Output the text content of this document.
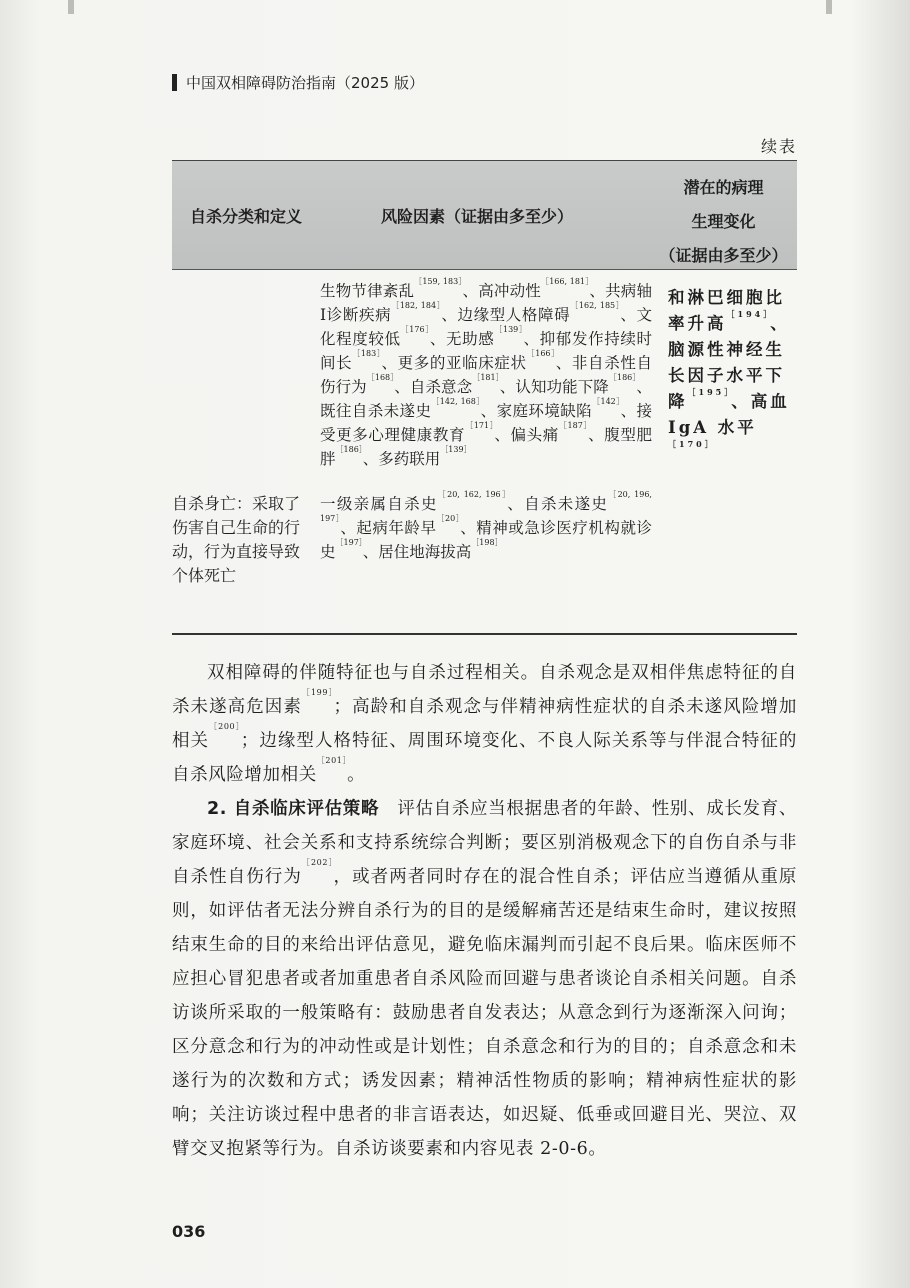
中国双相障碍防治指南（2025 版）
续表
自杀分类和定义	风险因素（证据由多至少）
潜在的病理
生理变化
（证据由多至少）
生物节律紊乱$^{[159, 183]}$、高冲动性$^{[166, 181]}$、共病轴Ⅰ诊断疾病$^{[182, 184]}$、边缘型人格障碍$^{[162, 185]}$、文化程度较低$^{[176]}$、无助感$^{[139]}$、抑郁发作持续时间长$^{[183]}$、更多的亚临床症状$^{[166]}$、非自杀性自伤行为$^{[168]}$、自杀意念$^{[181]}$、认知功能下降$^{[186]}$、既往自杀未遂史$^{[142, 168]}$、家庭环境缺陷$^{[142]}$、接受更多心理健康教育$^{[171]}$、偏头痛$^{[187]}$、腹型肥胖$^{[186]}$、多药联用$^{[139]}$
和淋巴细胞比率升高$^{[194]}$、脑源性神经生长因子水平下降$^{[195]}$、高血 IgA 水平$^{[170]}$
自杀身亡：采取了伤害自己生命的行动，行为直接导致个体死亡
一级亲属自杀史$^{[20, 162, 196]}$、自杀未遂史$^{[20, 196, 197]}$、起病年龄早$^{[20]}$、精神或急诊医疗机构就诊史$^{[197]}$、居住地海拔高$^{[198]}$

双相障碍的伴随特征也与自杀过程相关。自杀观念是双相伴焦虑特征的自杀未遂高危因素$^{[199]}$；高龄和自杀观念与伴精神病性症状的自杀未遂风险增加相关$^{[200]}$；边缘型人格特征、周围环境变化、不良人际关系等与伴混合特征的自杀风险增加相关$^{[201]}$。

2. 自杀临床评估策略　评估自杀应当根据患者的年龄、性别、成长发育、家庭环境、社会关系和支持系统综合判断；要区别消极观念下的自伤自杀与非自杀性自伤行为$^{[202]}$，或者两者同时存在的混合性自杀；评估应当遵循从重原则，如评估者无法分辨自杀行为的目的是缓解痛苦还是结束生命时，建议按照结束生命的目的来给出评估意见，避免临床漏判而引起不良后果。临床医师不应担心冒犯患者或者加重患者自杀风险而回避与患者谈论自杀相关问题。自杀访谈所采取的一般策略有：鼓励患者自发表达；从意念到行为逐渐深入问询；区分意念和行为的冲动性或是计划性；自杀意念和行为的目的；自杀意念和未遂行为的次数和方式；诱发因素；精神活性物质的影响；精神病性症状的影响；关注访谈过程中患者的非言语表达，如迟疑、低垂或回避目光、哭泣、双臂交叉抱紧等行为。自杀访谈要素和内容见表 2-0-6。

036
